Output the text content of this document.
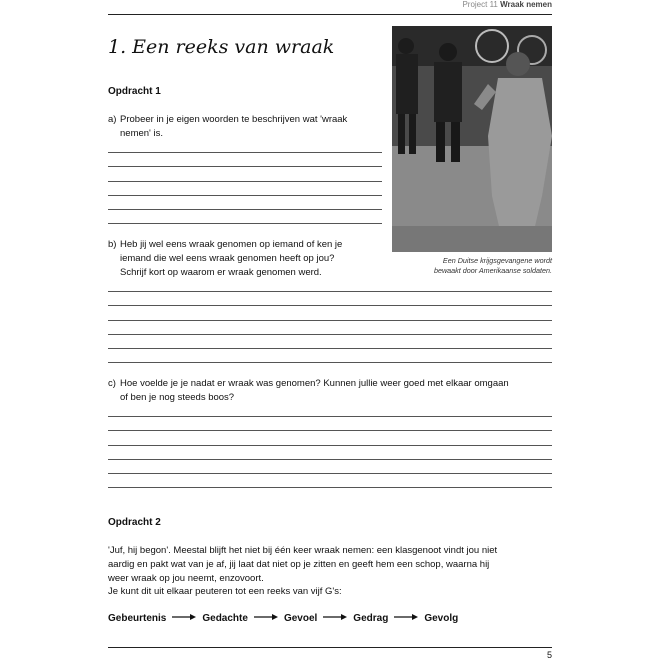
Project 11 Wraak nemen
1. Een reeks van wraak
Opdracht 1
a) Probeer in je eigen woorden te beschrijven wat 'wraak
nemen' is.
b) Heb jij wel eens wraak genomen op iemand of ken je
iemand die wel eens wraak genomen heeft op jou?
Schrijf kort op waarom er wraak genomen werd.
c) Hoe voelde je je nadat er wraak was genomen? Kunnen jullie weer goed met elkaar omgaan
of ben je nog steeds boos?
Een Duitse krijgsgevangene wordt
bewaakt door Amerikaanse soldaten.
Opdracht 2
'Juf, hij begon'. Meestal blijft het niet bij één keer wraak nemen: een klasgenoot vindt jou niet
aardig en pakt wat van je af, jij laat dat niet op je zitten en geeft hem een schop, waarna hij
weer wraak op jou neemt, enzovoort.
Je kunt dit uit elkaar peuteren tot een reeks van vijf G's:
Gebeurtenis	Gedachte	Gevoel	Gedrag	Gevolg
5
